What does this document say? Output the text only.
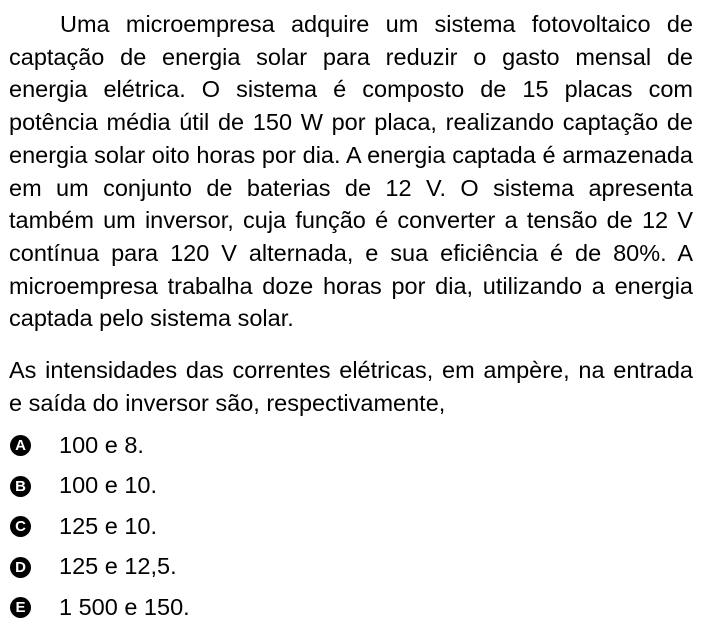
Uma microempresa adquire um sistema fotovoltaico de captação de energia solar para reduzir o gasto mensal de energia elétrica. O sistema é composto de 15 placas com potência média útil de 150 W por placa, realizando captação de energia solar oito horas por dia. A energia captada é armazenada em um conjunto de baterias de 12 V. O sistema apresenta também um inversor, cuja função é converter a tensão de 12 V contínua para 120 V alternada, e sua eficiência é de 80%. A microempresa trabalha doze horas por dia, utilizando a energia captada pelo sistema solar.

As intensidades das correntes elétricas, em ampère, na entrada e saída do inversor são, respectivamente,

A 100 e 8.
B 100 e 10.
C 125 e 10.
D 125 e 12,5.
E 1 500 e 150.
